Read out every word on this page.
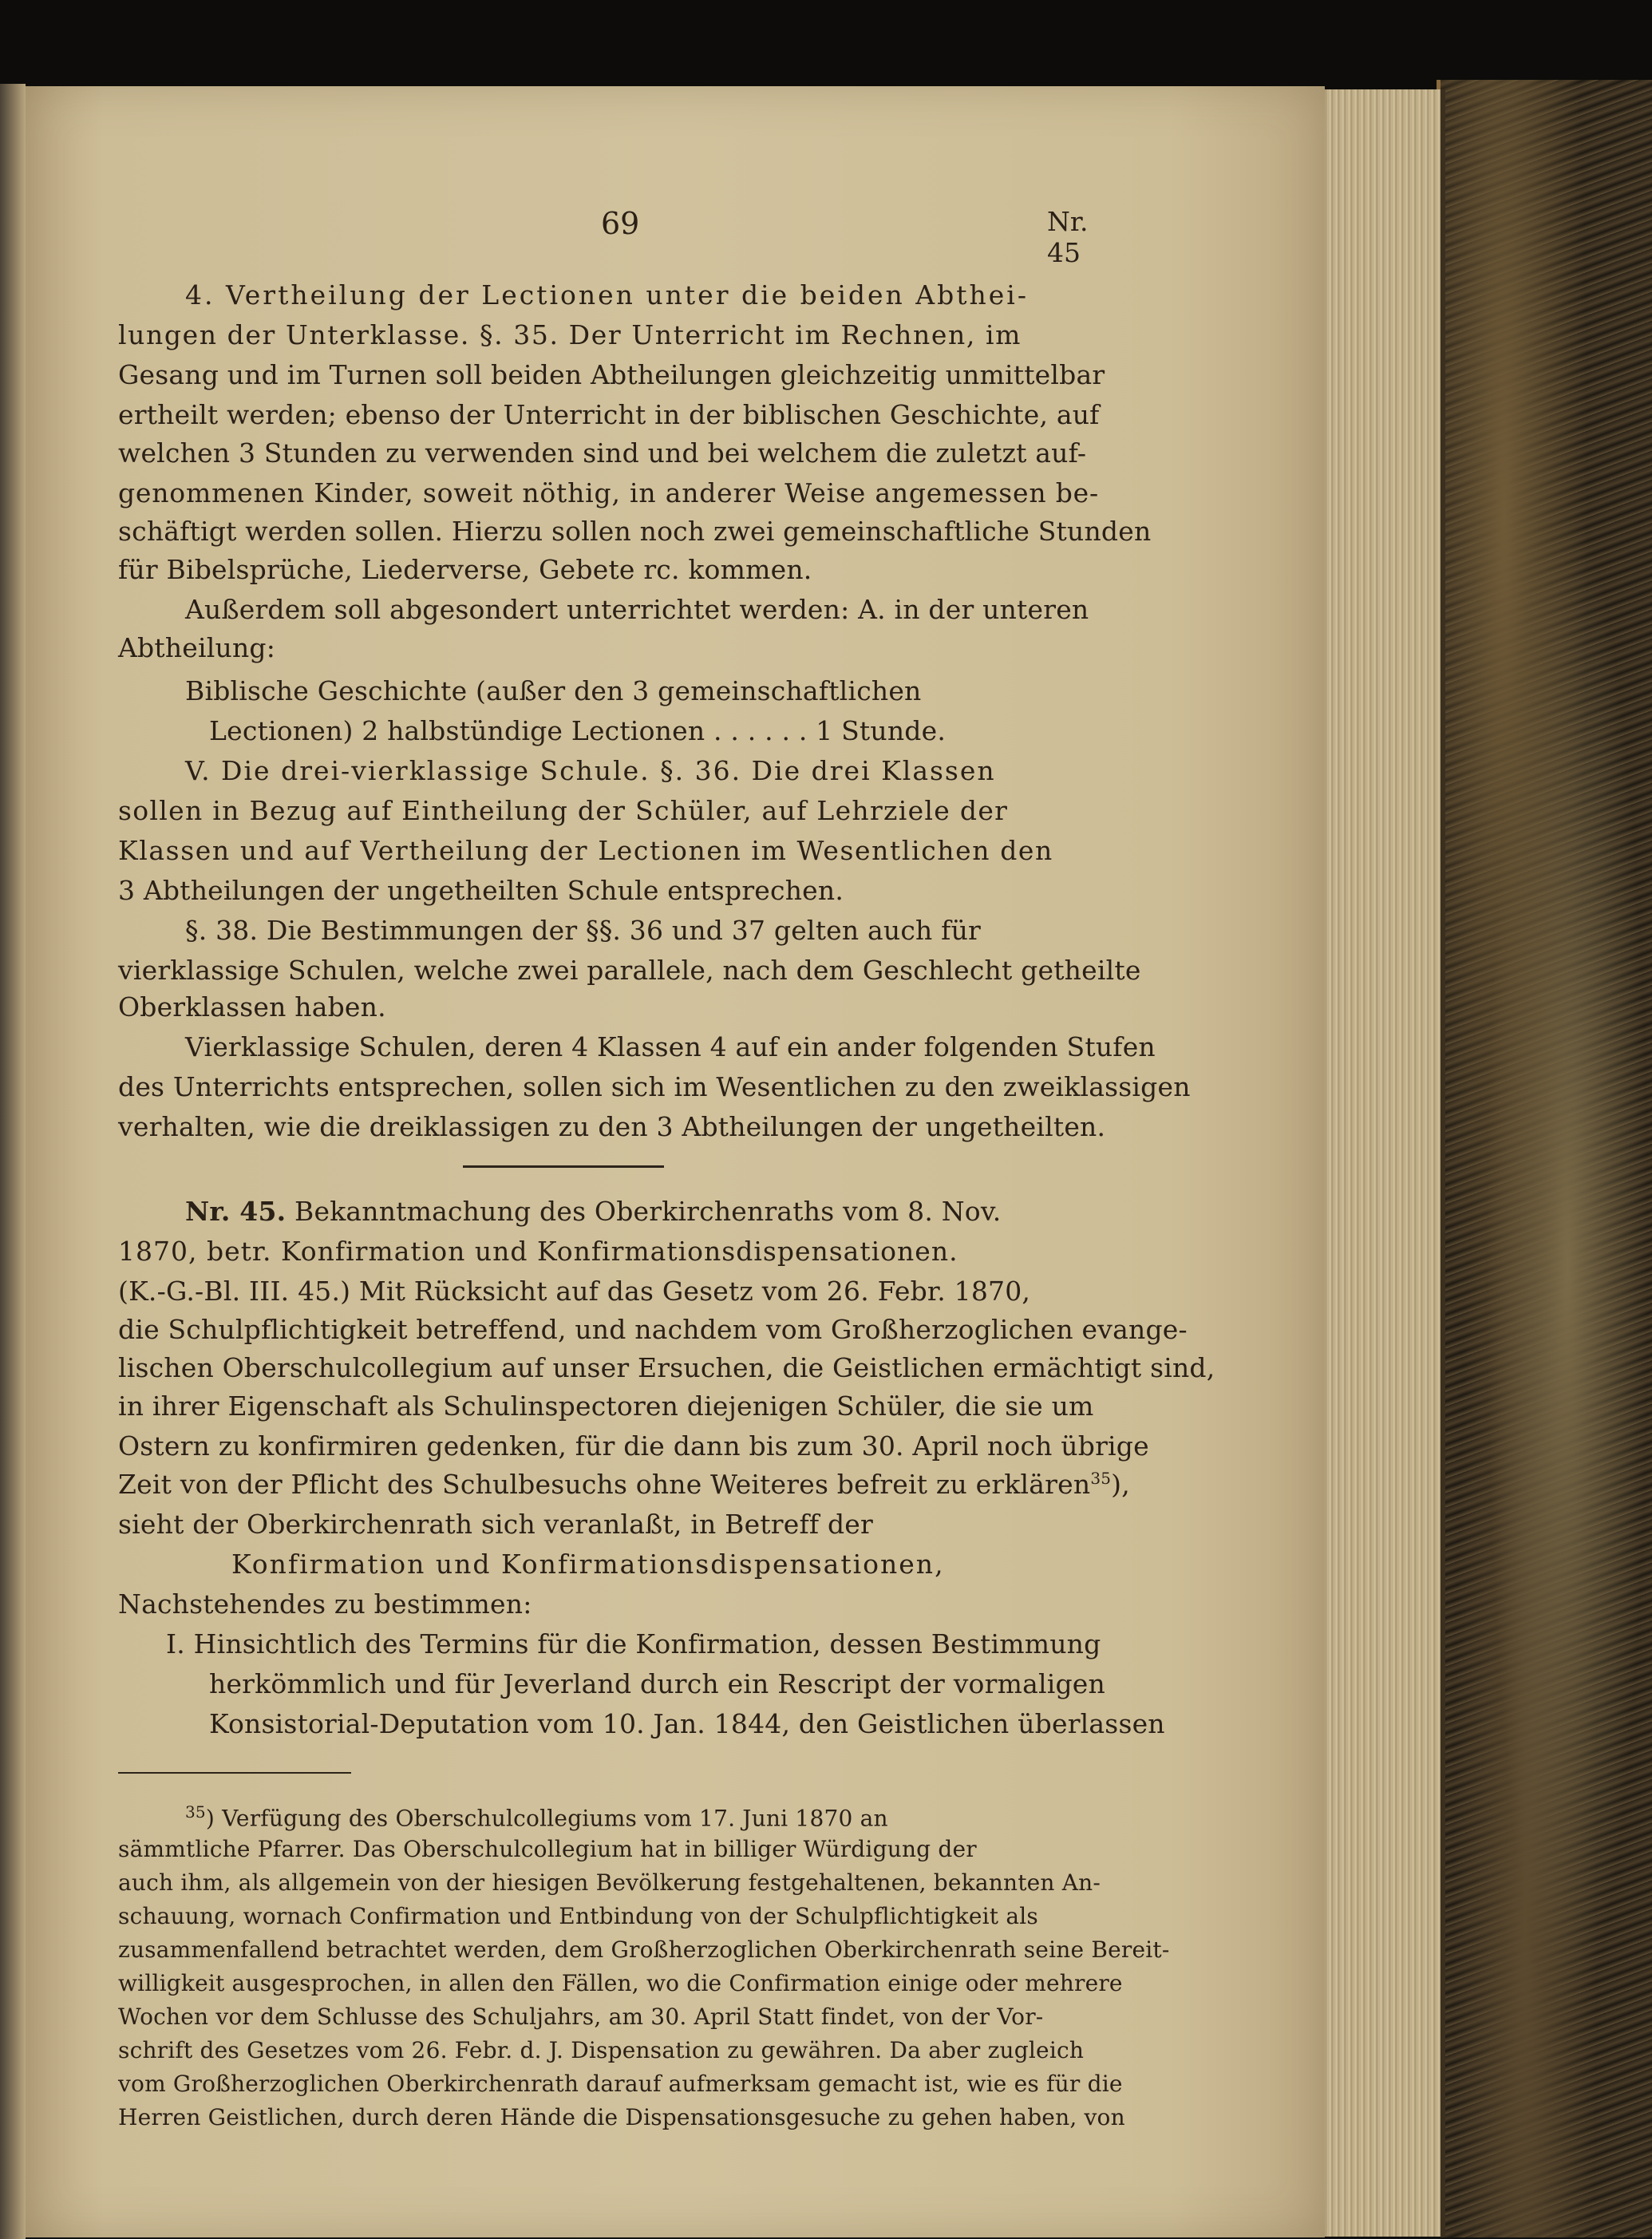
69	Nr. 45
4. Vertheilung der Lectionen unter die beiden Abthei-
lungen der Unterklasse. §. 35. Der Unterricht im Rechnen, im
Gesang und im Turnen soll beiden Abtheilungen gleichzeitig unmittelbar
ertheilt werden; ebenso der Unterricht in der biblischen Geschichte, auf
welchen 3 Stunden zu verwenden sind und bei welchem die zuletzt auf-
genommenen Kinder, soweit nöthig, in anderer Weise angemessen be-
schäftigt werden sollen. Hierzu sollen noch zwei gemeinschaftliche Stunden
für Bibelsprüche, Liederverse, Gebete rc. kommen.
Außerdem soll abgesondert unterrichtet werden: A. in der unteren
Abtheilung:
Biblische Geschichte (außer den 3 gemeinschaftlichen
Lectionen) 2 halbstündige Lectionen . . . . . . 1 Stunde.
V. Die drei-vierklassige Schule. §. 36. Die drei Klassen
sollen in Bezug auf Eintheilung der Schüler, auf Lehrziele der
Klassen und auf Vertheilung der Lectionen im Wesentlichen den
3 Abtheilungen der ungetheilten Schule entsprechen.
§. 38. Die Bestimmungen der §§. 36 und 37 gelten auch für
vierklassige Schulen, welche zwei parallele, nach dem Geschlecht getheilte
Oberklassen haben.
Vierklassige Schulen, deren 4 Klassen 4 auf ein ander folgenden Stufen
des Unterrichts entsprechen, sollen sich im Wesentlichen zu den zweiklassigen
verhalten, wie die dreiklassigen zu den 3 Abtheilungen der ungetheilten.
Nr. 45. Bekanntmachung des Oberkirchenraths vom 8. Nov.
1870, betr. Konfirmation und Konfirmationsdispensationen.
(K.-G.-Bl. III. 45.) Mit Rücksicht auf das Gesetz vom 26. Febr. 1870,
die Schulpflichtigkeit betreffend, und nachdem vom Großherzoglichen evange-
lischen Oberschulcollegium auf unser Ersuchen, die Geistlichen ermächtigt sind,
in ihrer Eigenschaft als Schulinspectoren diejenigen Schüler, die sie um
Ostern zu konfirmiren gedenken, für die dann bis zum 30. April noch übrige
Zeit von der Pflicht des Schulbesuchs ohne Weiteres befreit zu erklären$^{35}$),
sieht der Oberkirchenrath sich veranlaßt, in Betreff der
Konfirmation und Konfirmationsdispensationen,
Nachstehendes zu bestimmen:
I. Hinsichtlich des Termins für die Konfirmation, dessen Bestimmung
herkömmlich und für Jeverland durch ein Rescript der vormaligen
Konsistorial-Deputation vom 10. Jan. 1844, den Geistlichen überlassen
$^{35}$) Verfügung des Oberschulcollegiums vom 17. Juni 1870 an
sämmtliche Pfarrer. Das Oberschulcollegium hat in billiger Würdigung der
auch ihm, als allgemein von der hiesigen Bevölkerung festgehaltenen, bekannten An-
schauung, wornach Confirmation und Entbindung von der Schulpflichtigkeit als
zusammenfallend betrachtet werden, dem Großherzoglichen Oberkirchenrath seine Bereit-
willigkeit ausgesprochen, in allen den Fällen, wo die Confirmation einige oder mehrere
Wochen vor dem Schlusse des Schuljahrs, am 30. April Statt findet, von der Vor-
schrift des Gesetzes vom 26. Febr. d. J. Dispensation zu gewähren. Da aber zugleich
vom Großherzoglichen Oberkirchenrath darauf aufmerksam gemacht ist, wie es für die
Herren Geistlichen, durch deren Hände die Dispensationsgesuche zu gehen haben, von
